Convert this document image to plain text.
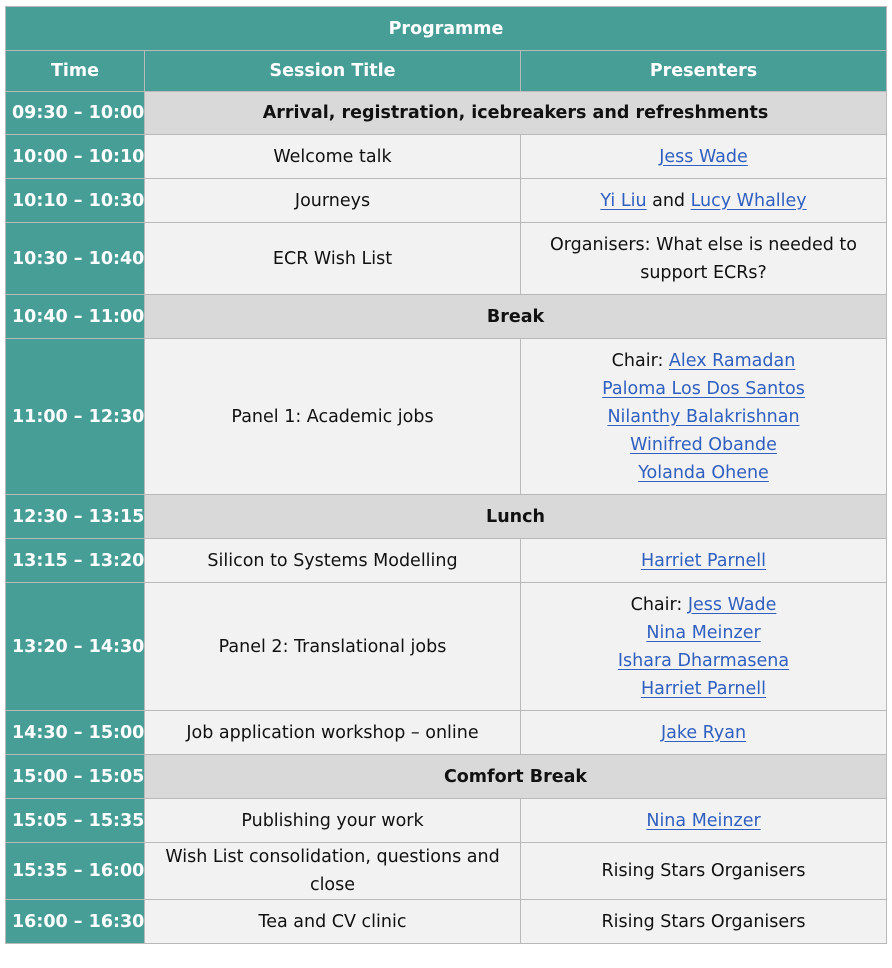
Programme		
Time	Session Title	Presenters
09:30 – 10:00	Arrival, registration, icebreakers and refreshments	
10:00 – 10:10	Welcome talk	Jess Wade

10:10 – 10:30	Journeys	Yi Liu and Lucy Whalley

10:30 – 10:40	ECR Wish List	Organisers: What else is needed to support ECRs?
10:40 – 11:00	Break	
11:00 – 12:30	Panel 1: Academic jobs	Chair: Alex Ramadan
Paloma Los Dos Santos
Nilanthy Balakrishnan
Winifred Obande
Yolanda Ohene

12:30 – 13:15	Lunch	
13:15 – 13:20	Silicon to Systems Modelling	Harriet Parnell

13:20 – 14:30	Panel 2: Translational jobs	Chair: Jess Wade
Nina Meinzer
Ishara Dharmasena
Harriet Parnell

14:30 – 15:00	Job application workshop – online	Jake Ryan

15:00 – 15:05	Comfort Break	
15:05 – 15:35	Publishing your work	Nina Meinzer

15:35 – 16:00	Wish List consolidation, questions and close	Rising Stars Organisers
16:00 – 16:30	Tea and CV clinic	Rising Stars Organisers
